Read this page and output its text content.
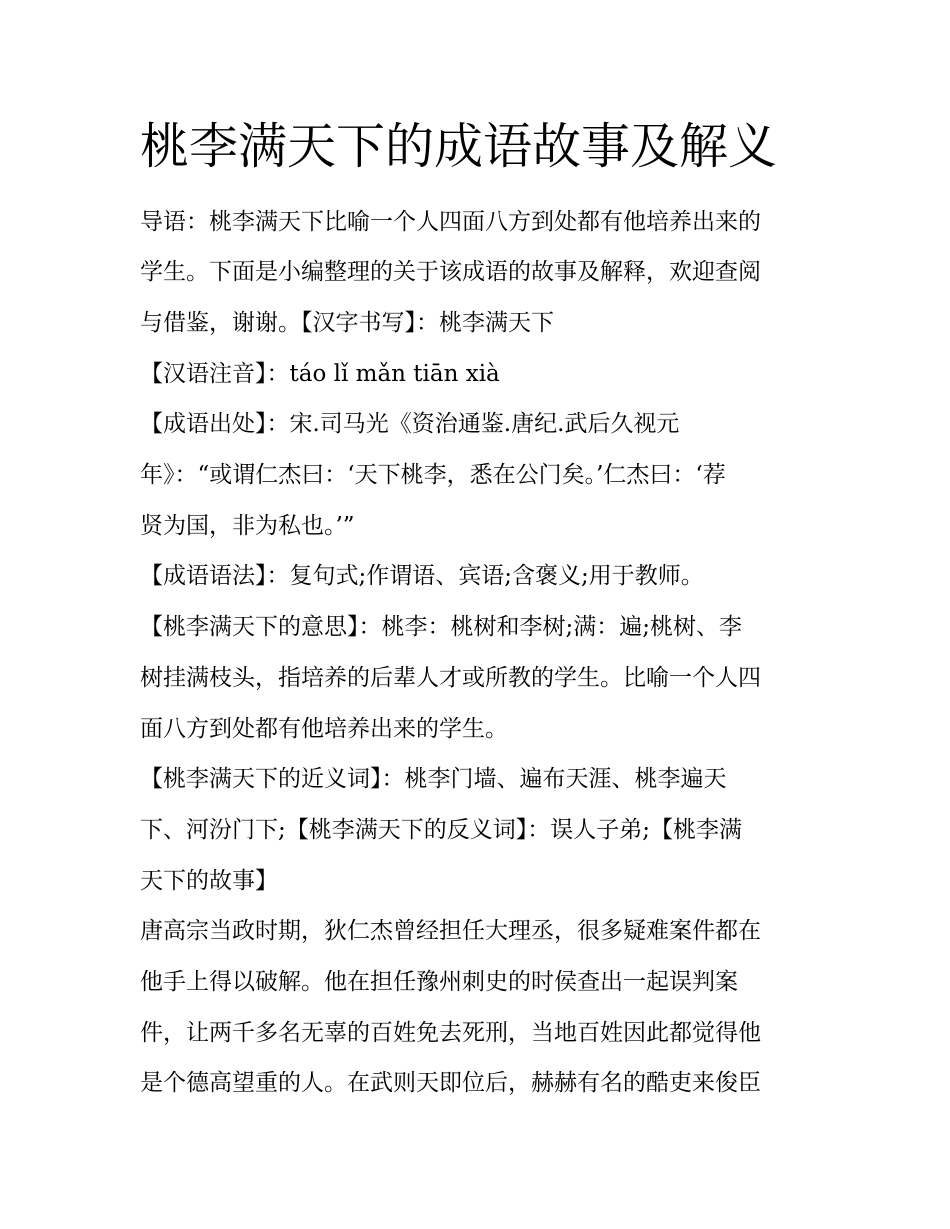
桃李满天下的成语故事及解义
导语：桃李满天下比喻一个人四面八方到处都有他培养出来的
学生。下面是小编整理的关于该成语的故事及解释，欢迎查阅
与借鉴，谢谢。【汉字书写】：桃李满天下
【汉语注音】：táo lǐ mǎn tiān xià
【成语出处】：宋.司马光《资治通鉴.唐纪.武后久视元
年》：“或谓仁杰曰：‘天下桃李，悉在公门矣。’仁杰曰：‘荐
贤为国，非为私也。’”
【成语语法】：复句式;作谓语、宾语;含褒义;用于教师。
【桃李满天下的意思】：桃李：桃树和李树;满：遍;桃树、李
树挂满枝头，指培养的后辈人才或所教的学生。比喻一个人四
面八方到处都有他培养出来的学生。
【桃李满天下的近义词】：桃李门墙、遍布天涯、桃李遍天
下、河汾门下;【桃李满天下的反义词】：误人子弟;【桃李满
天下的故事】
唐高宗当政时期，狄仁杰曾经担任大理丞，很多疑难案件都在
他手上得以破解。他在担任豫州刺史的时侯查出一起误判案
件，让两千多名无辜的百姓免去死刑，当地百姓因此都觉得他
是个德高望重的人。在武则天即位后，赫赫有名的酷吏来俊臣
